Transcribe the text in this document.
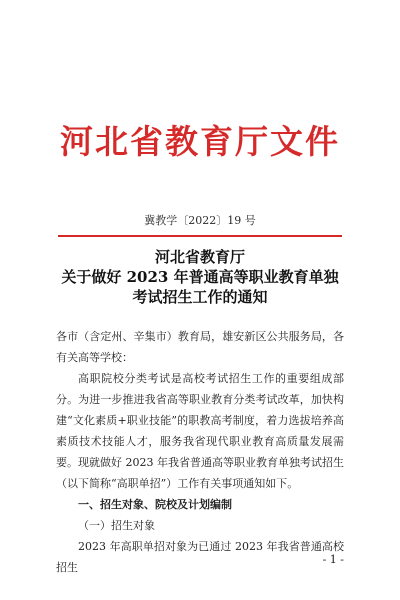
河北省教育厅文件
冀教学〔2022〕19 号
河北省教育厅
关于做好 2023 年普通高等职业教育单独
考试招生工作的通知

各市（含定州、辛集市）教育局，雄安新区公共服务局，各有关高等学校：

高职院校分类考试是高校考试招生工作的重要组成部分。为进一步推进我省高等职业教育分类考试改革，加快构建“文化素质+职业技能”的职教高考制度，着力选拔培养高素质技术技能人才，服务我省现代职业教育高质量发展需要。现就做好 2023 年我省普通高等职业教育单独考试招生（以下简称“高职单招”）工作有关事项通知如下。

一、招生对象、院校及计划编制

（一）招生对象

2023 年高职单招对象为已通过 2023 年我省普通高校招生

- 1 -
